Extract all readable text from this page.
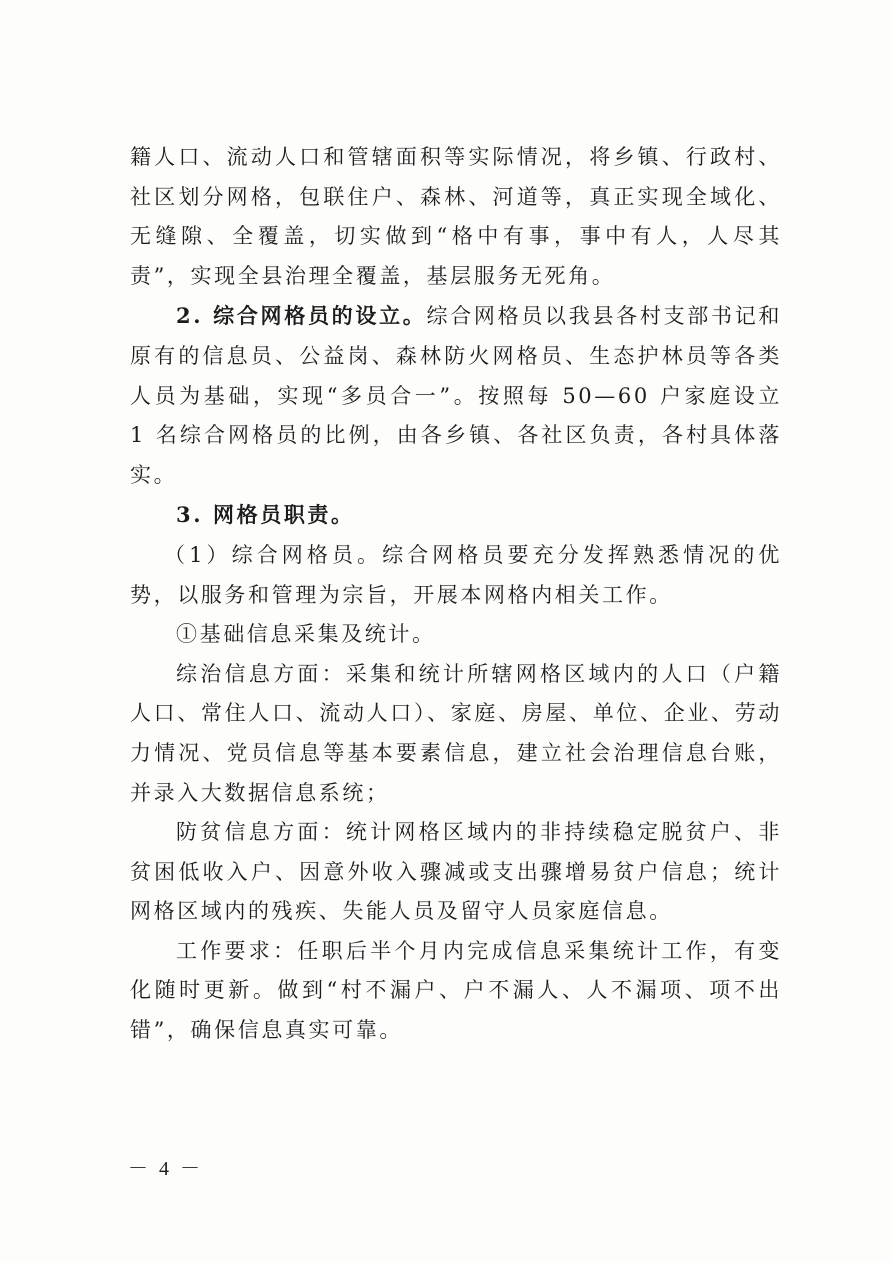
籍人口、流动人口和管辖面积等实际情况，将乡镇、行政村、社区划分网格，包联住户、森林、河道等，真正实现全域化、无缝隙、全覆盖，切实做到“格中有事，事中有人，人尽其责”，实现全县治理全覆盖，基层服务无死角。

2. 综合网格员的设立。综合网格员以我县各村支部书记和原有的信息员、公益岗、森林防火网格员、生态护林员等各类人员为基础，实现“多员合一”。按照每 50—60 户家庭设立 1 名综合网格员的比例，由各乡镇、各社区负责，各村具体落实。

3. 网格员职责。

（1）综合网格员。综合网格员要充分发挥熟悉情况的优势，以服务和管理为宗旨，开展本网格内相关工作。

①基础信息采集及统计。

综治信息方面：采集和统计所辖网格区域内的人口（户籍人口、常住人口、流动人口）、家庭、房屋、单位、企业、劳动力情况、党员信息等基本要素信息，建立社会治理信息台账，并录入大数据信息系统；

防贫信息方面：统计网格区域内的非持续稳定脱贫户、非贫困低收入户、因意外收入骤减或支出骤增易贫户信息；统计网格区域内的残疾、失能人员及留守人员家庭信息。

工作要求：任职后半个月内完成信息采集统计工作，有变化随时更新。做到“村不漏户、户不漏人、人不漏项、项不出错”，确保信息真实可靠。

－ 4 －
